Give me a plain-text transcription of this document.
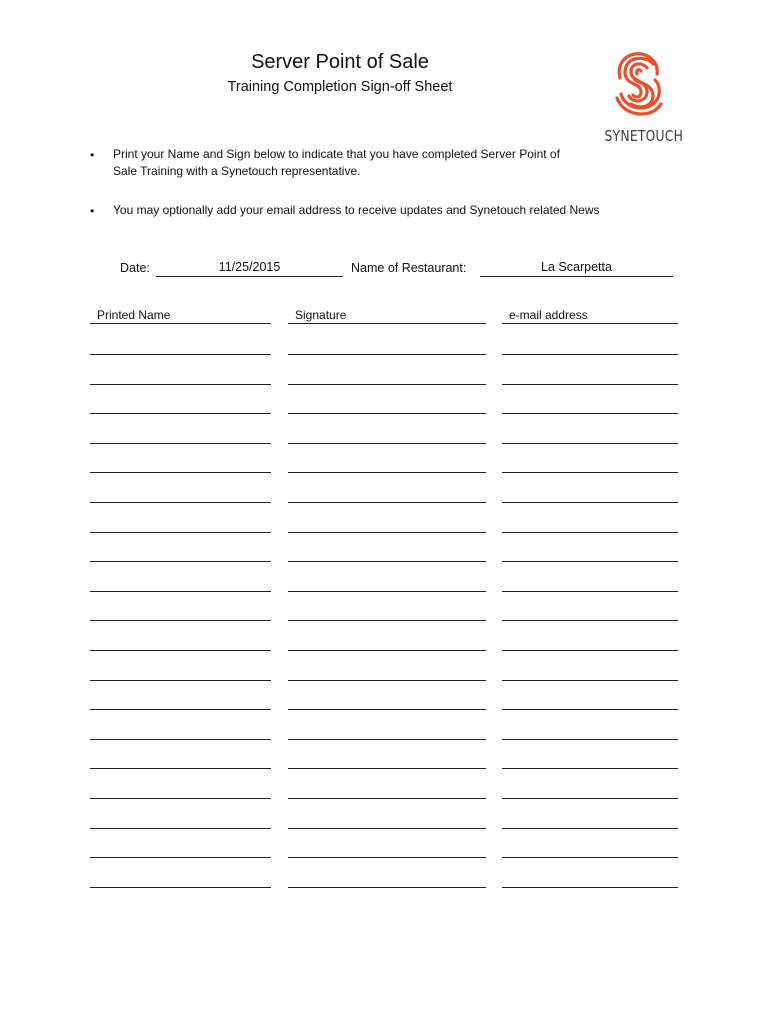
Server Point of Sale
Training Completion Sign-off Sheet
SYNETOUCH
•	Print your Name and Sign below to indicate that you have completed Server Point of
Sale Training with a Synetouch representative.
•	You may optionally add your email address to receive updates and Synetouch related News
Date:	11/25/2015	Name of Restaurant:	La Scarpetta
Printed Name	Signature	e-mail address
